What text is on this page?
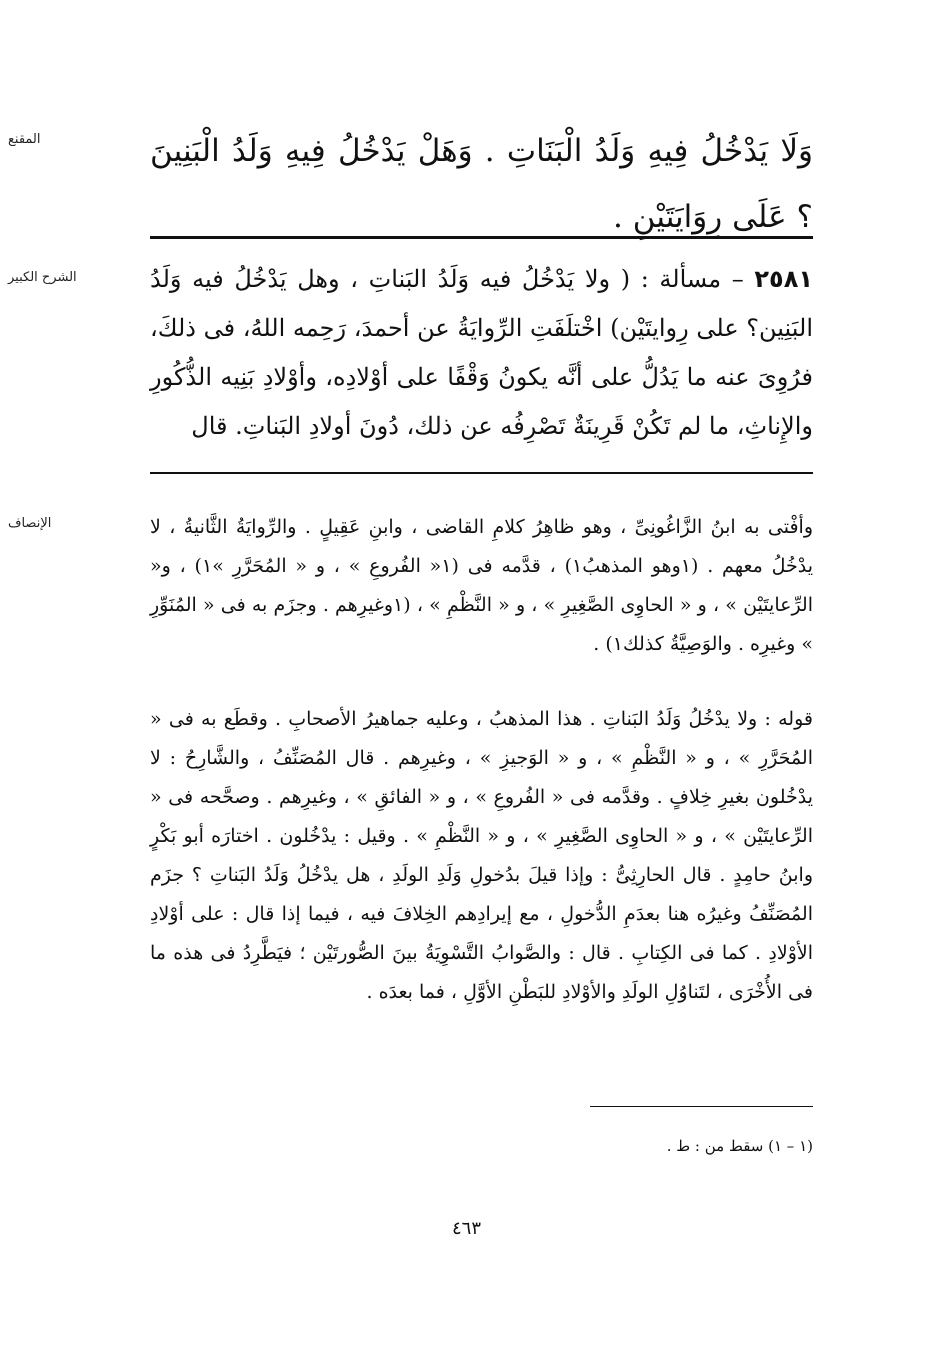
المقنع	وَلَا يَدْخُلُ فِيهِ وَلَدُ الْبَنَاتِ . وَهَلْ يَدْخُلُ فِيهِ وَلَدُ الْبَنِينَ ؟ عَلَى رِوَايَتَيْنِ .
الشرح الكبير	٢٥٨١ – مسألة : ( ولا يَدْخُلُ فيه وَلَدُ البَناتِ ، وهل يَدْخُلُ فيه وَلَدُ البَنِين؟ على رِوايتَيْن) اخْتلَفَتِ الرِّوايَةُ عن أحمدَ، رَحِمه اللهُ، فى ذلكَ، فرُوِىَ عنه ما يَدُلُّ على أنَّه يكونُ وَقْفًا على أوْلادِه، وأوْلادِ بَنِيه الذُّكُورِ والإِناثِ، ما لم تَكُنْ قَرِينَةٌ تَصْرِفُه عن ذلك، دُونَ أولادِ البَناتِ. قال
الإنصاف	وأفْتى به ابنُ الزَّاغُونِىِّ ، وهو ظاهِرُ كلامِ القاضى ، وابنِ عَقِيلٍ . والرِّوايَةُ الثَّانيةُ ، لا يدْخُلُ معهم . (١وهو المذهبُ١) ، قدَّمه فى (١« الفُروعِ » ، و « المُحَرَّرِ »١) ، و« الرِّعايتَيْن » ، و « الحاوِى الصَّغِيرِ » ، و « النَّظْمِ » ، (١وغيرِهم . وجزَم به فى « المُنَوِّرِ » وغيرِه . والوَصِيَّةُ كذلك١) .
قوله : ولا يدْخُلُ وَلَدُ البَناتِ . هذا المذهبُ ، وعليه جماهيرُ الأصحابِ . وقطَع به فى « المُحَرَّرِ » ، و « النَّظْمِ » ، و « الوَجيزِ » ، وغيرِهم . قال المُصَنِّفُ ، والشَّارِحُ : لا يدْخُلون بغيرِ خِلافٍ . وقدَّمه فى « الفُروعِ » ، و « الفائقِ » ، وغيرِهم . وصحَّحه فى « الرِّعايتَيْن » ، و « الحاوِى الصَّغِيرِ » ، و « النَّظْمِ » . وقيل : يدْخُلون . اختارَه أبو بَكْرٍ وابنُ حامِدٍ . قال الحارِثِىُّ : وإذا قيلَ بدُخولِ وَلَدِ الولَدِ ، هل يدْخُلُ وَلَدُ البَناتِ ؟ جزَم المُصَنِّفُ وغيرُه هنا بعدَمِ الدُّخولِ ، مع إيرادِهم الخِلافَ فيه ، فيما إذا قال : على أوْلادِ الأوْلادِ . كما فى الكِتابِ . قال : والصَّوابُ التَّسْوِيَةُ بينَ الصُّورتَيْن ؛ فيَطَّرِدُ فى هذه ما فى الأُخْرَى ، لتَناوُلِ الولَدِ والأوْلادِ للبَطْنِ الأوَّلِ ، فما بعدَه .
(١ – ١) سقط من : ط .
٤٦٣
